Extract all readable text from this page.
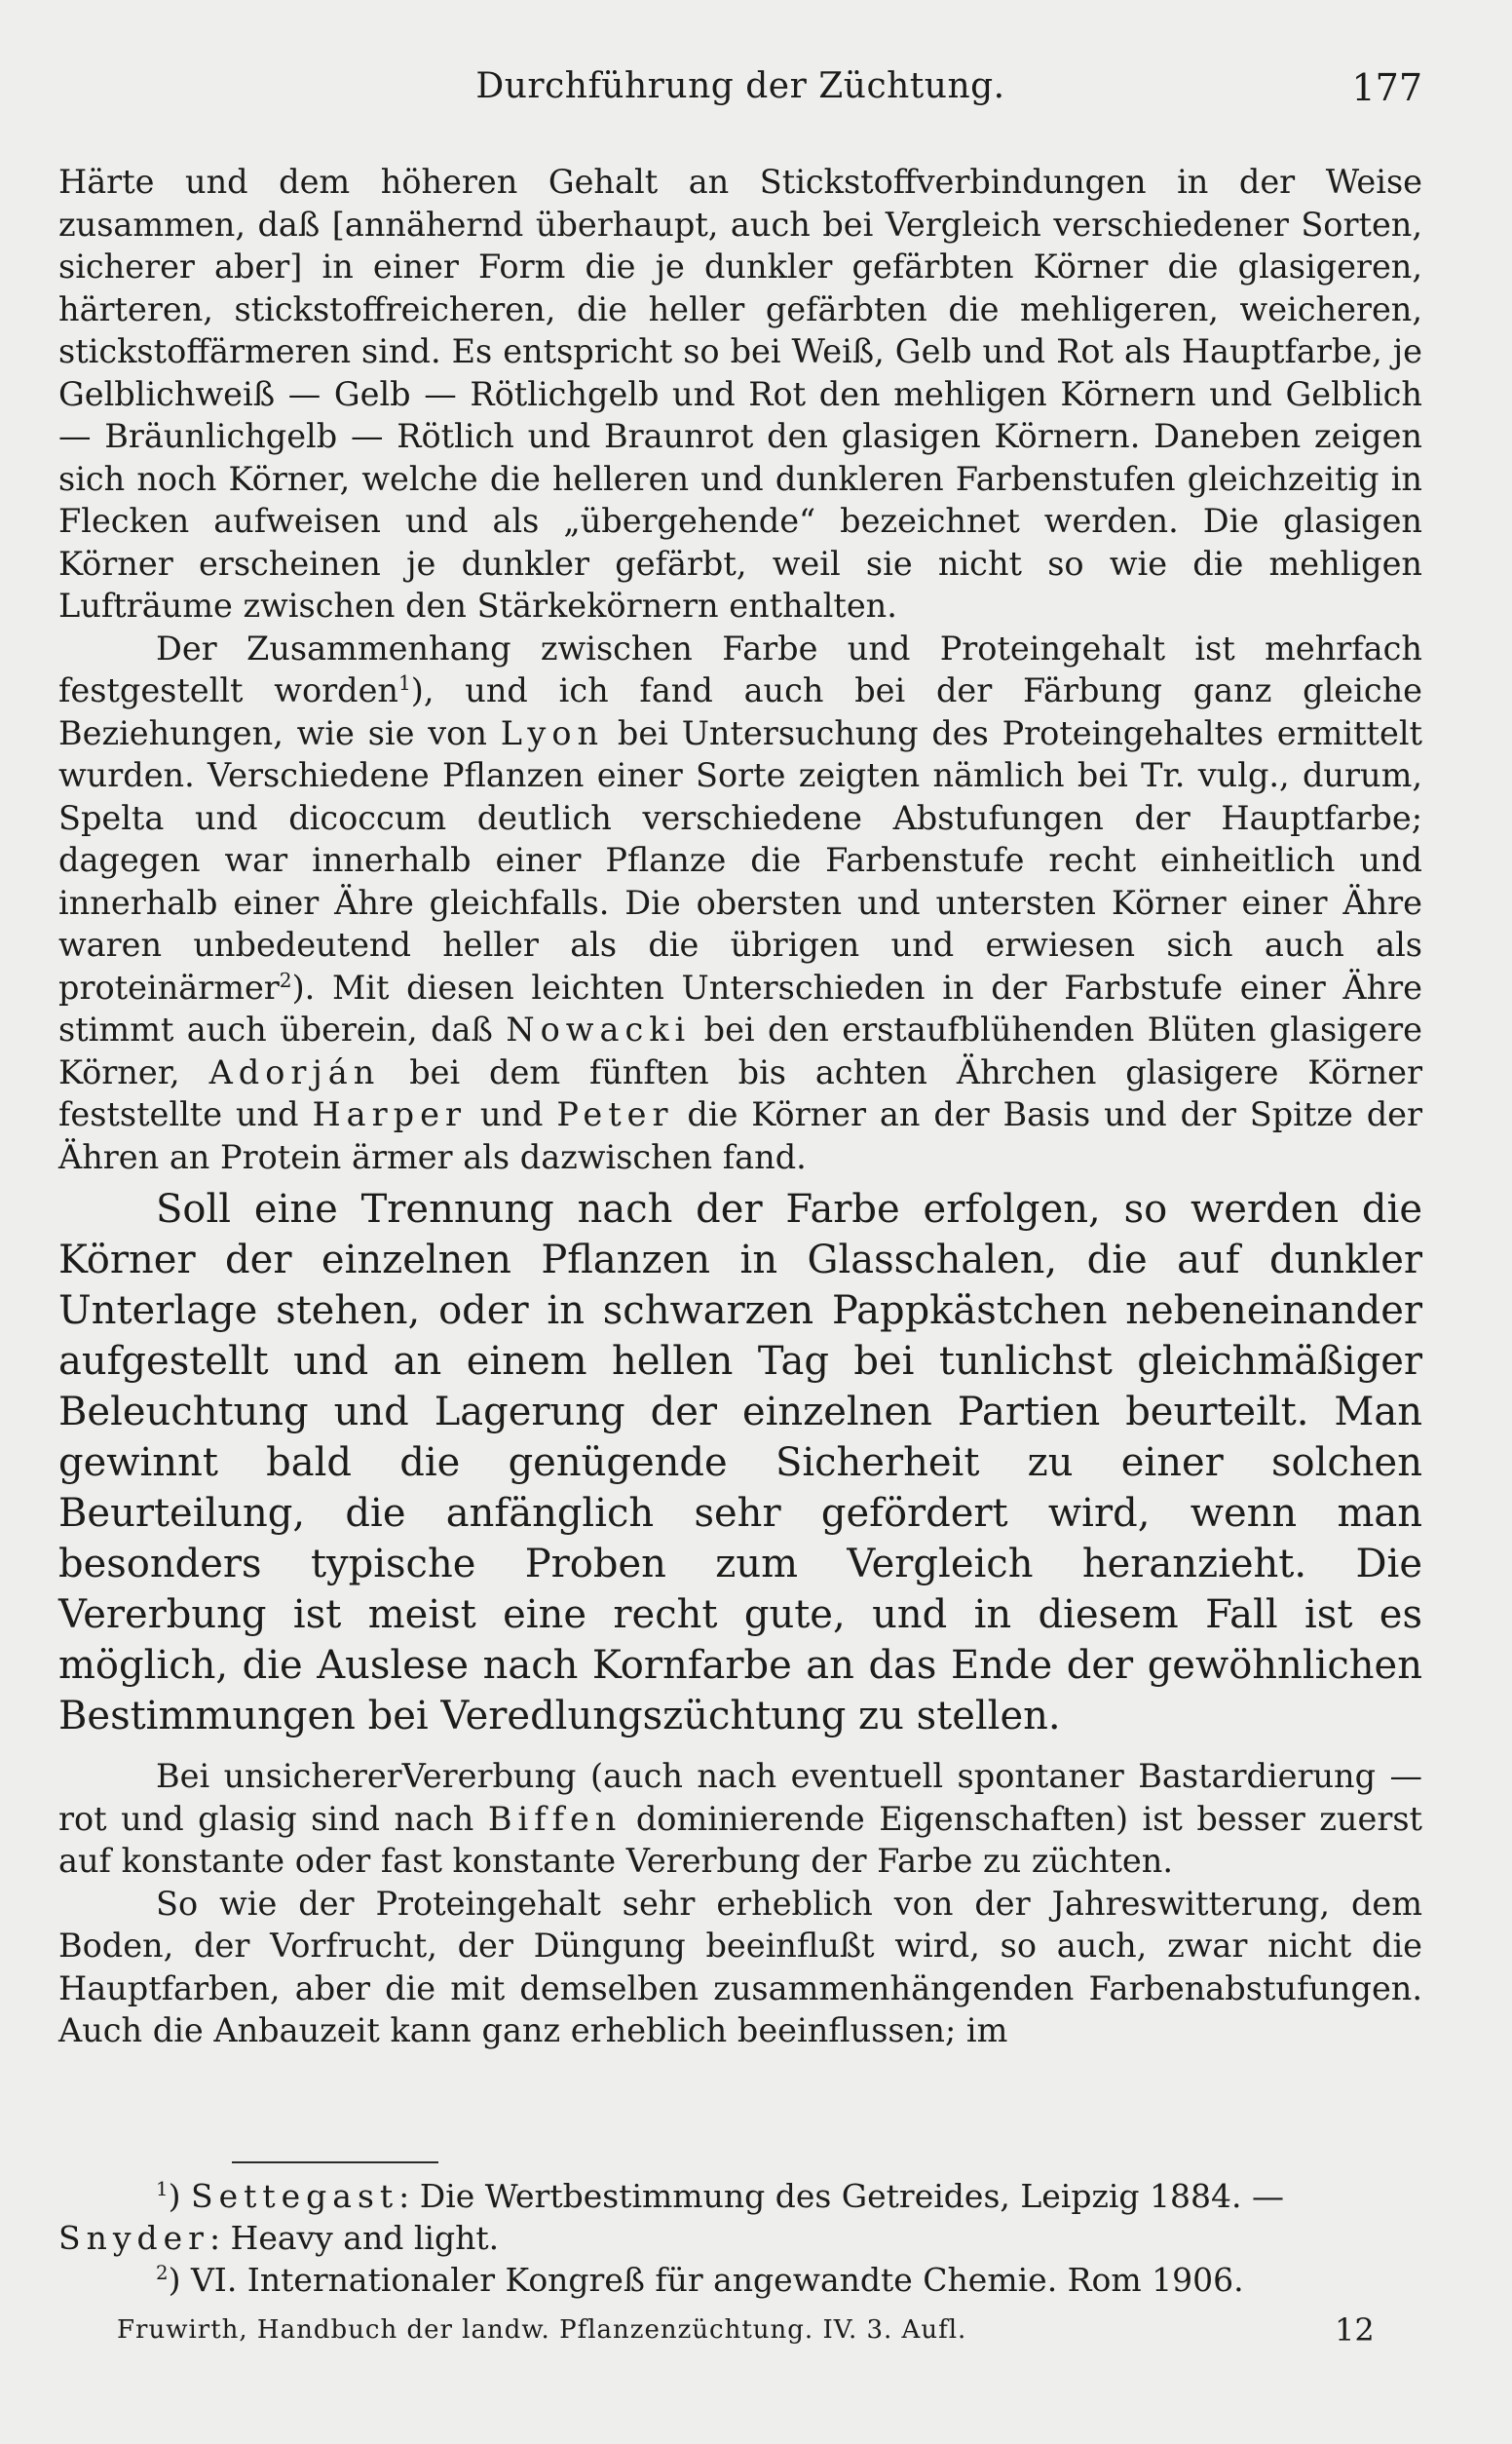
Durchführung der Züchtung.	177

Härte und dem höheren Gehalt an Stickstoffverbindungen in der Weise zusammen, daß [annähernd überhaupt, auch bei Vergleich verschiedener Sorten, sicherer aber] in einer Form die je dunkler gefärbten Körner die glasigeren, härteren, stickstoffreicheren, die heller gefärbten die mehligeren, weicheren, stickstoffärmeren sind. Es entspricht so bei Weiß, Gelb und Rot als Hauptfarbe, je Gelblichweiß — Gelb — Rötlichgelb und Rot den mehligen Körnern und Gelblich — Bräunlichgelb — Rötlich und Braunrot den glasigen Körnern. Daneben zeigen sich noch Körner, welche die helleren und dunkleren Farbenstufen gleichzeitig in Flecken aufweisen und als „übergehende“ bezeichnet werden. Die glasigen Körner erscheinen je dunkler gefärbt, weil sie nicht so wie die mehligen Lufträume zwischen den Stärkekörnern enthalten.

Der Zusammenhang zwischen Farbe und Proteingehalt ist mehrfach festgestellt worden$^1$), und ich fand auch bei der Färbung ganz gleiche Beziehungen, wie sie von Lyon bei Untersuchung des Proteingehaltes ermittelt wurden. Verschiedene Pflanzen einer Sorte zeigten nämlich bei Tr. vulg., durum, Spelta und dicoccum deutlich verschiedene Abstufungen der Hauptfarbe; dagegen war innerhalb einer Pflanze die Farbenstufe recht einheitlich und innerhalb einer Ähre gleichfalls. Die obersten und untersten Körner einer Ähre waren unbedeutend heller als die übrigen und erwiesen sich auch als proteinärmer$^2$). Mit diesen leichten Unterschieden in der Farbstufe einer Ähre stimmt auch überein, daß Nowacki bei den erstaufblühenden Blüten glasigere Körner, Adorján bei dem fünften bis achten Ährchen glasigere Körner feststellte und Harper und Peter die Körner an der Basis und der Spitze der Ähren an Protein ärmer als dazwischen fand.

Soll eine Trennung nach der Farbe erfolgen, so werden die Körner der einzelnen Pflanzen in Glasschalen, die auf dunkler Unterlage stehen, oder in schwarzen Pappkästchen nebeneinander aufgestellt und an einem hellen Tag bei tunlichst gleichmäßiger Beleuchtung und Lagerung der einzelnen Partien beurteilt. Man gewinnt bald die genügende Sicherheit zu einer solchen Beurteilung, die anfänglich sehr gefördert wird, wenn man besonders typische Proben zum Vergleich heranzieht. Die Vererbung ist meist eine recht gute, und in diesem Fall ist es möglich, die Auslese nach Kornfarbe an das Ende der gewöhnlichen Bestimmungen bei Veredlungszüchtung zu stellen.

Bei unsichererVererbung (auch nach eventuell spontaner Bastardierung — rot und glasig sind nach Biffen dominierende Eigenschaften) ist besser zuerst auf konstante oder fast konstante Vererbung der Farbe zu züchten.

So wie der Proteingehalt sehr erheblich von der Jahreswitterung, dem Boden, der Vorfrucht, der Düngung beeinflußt wird, so auch, zwar nicht die Hauptfarben, aber die mit demselben zusammenhängenden Farbenabstufungen. Auch die Anbauzeit kann ganz erheblich beeinflussen; im

$^1$) Settegast: Die Wertbestimmung des Getreides, Leipzig 1884. — Snyder: Heavy and light.

$^2$) VI. Internationaler Kongreß für angewandte Chemie. Rom 1906.

Fruwirth, Handbuch der landw. Pflanzenzüchtung. IV. 3. Aufl.	12
